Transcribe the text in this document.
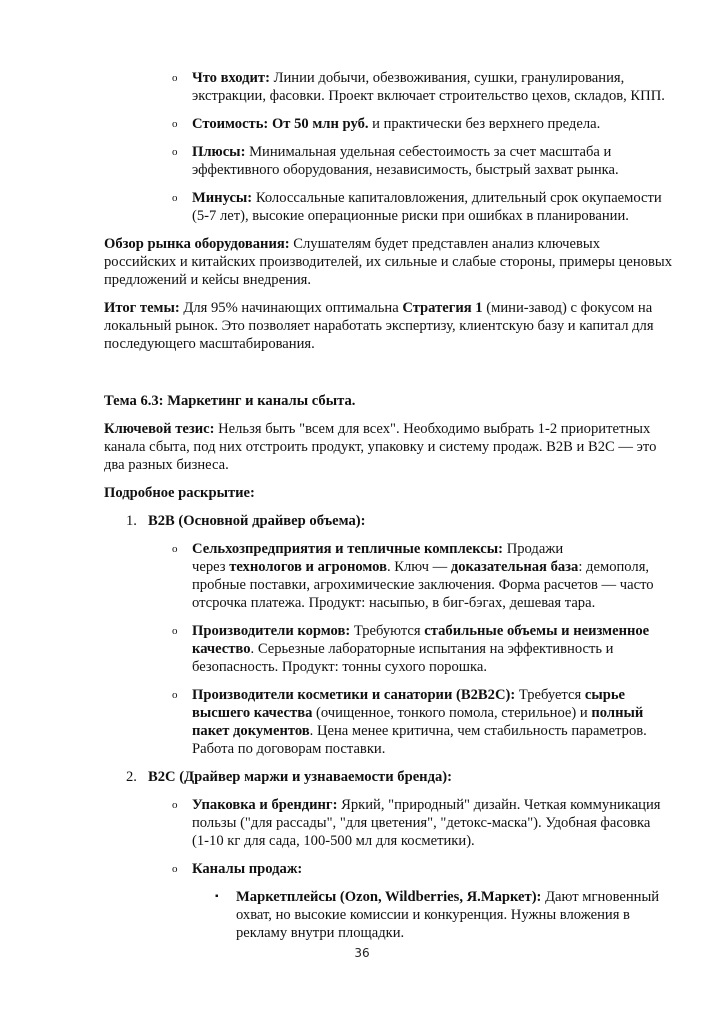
o Что входит: Линии добычи, обезвоживания, сушки, гранулирования,
экстракции, фасовки. Проект включает строительство цехов, складов, КПП.
o Стоимость: От 50 млн руб. и практически без верхнего предела.
o Плюсы: Минимальная удельная себестоимость за счет масштаба и
эффективного оборудования, независимость, быстрый захват рынка.
o Минусы: Колоссальные капиталовложения, длительный срок окупаемости
(5-7 лет), высокие операционные риски при ошибках в планировании.
Обзор рынка оборудования: Слушателям будет представлен анализ ключевых
российских и китайских производителей, их сильные и слабые стороны, примеры ценовых
предложений и кейсы внедрения.
Итог темы: Для 95% начинающих оптимальна Стратегия 1 (мини-завод) с фокусом на
локальный рынок. Это позволяет наработать экспертизу, клиентскую базу и капитал для
последующего масштабирования.
Тема 6.3: Маркетинг и каналы сбыта.
Ключевой тезис: Нельзя быть "всем для всех". Необходимо выбрать 1-2 приоритетных
канала сбыта, под них отстроить продукт, упаковку и систему продаж. B2B и B2C — это
два разных бизнеса.
Подробное раскрытие:
1. B2B (Основной драйвер объема):
o Сельхозпредприятия и тепличные комплексы: Продажи
через технологов и агрономов. Ключ — доказательная база: демополя,
пробные поставки, агрохимические заключения. Форма расчетов — часто
отсрочка платежа. Продукт: насыпью, в биг-бэгах, дешевая тара.
o Производители кормов: Требуются стабильные объемы и неизменное
качество. Серьезные лабораторные испытания на эффективность и
безопасность. Продукт: тонны сухого порошка.
o Производители косметики и санатории (B2B2C): Требуется сырье
высшего качества (очищенное, тонкого помола, стерильное) и полный
пакет документов. Цена менее критична, чем стабильность параметров.
Работа по договорам поставки.
2. B2C (Драйвер маржи и узнаваемости бренда):
o Упаковка и брендинг: Яркий, "природный" дизайн. Четкая коммуникация
пользы ("для рассады", "для цветения", "детокс-маска"). Удобная фасовка
(1-10 кг для сада, 100-500 мл для косметики).
o Каналы продаж:
▪ Маркетплейсы (Ozon, Wildberries, Я.Маркет): Дают мгновенный
охват, но высокие комиссии и конкуренция. Нужны вложения в
рекламу внутри площадки.
36
